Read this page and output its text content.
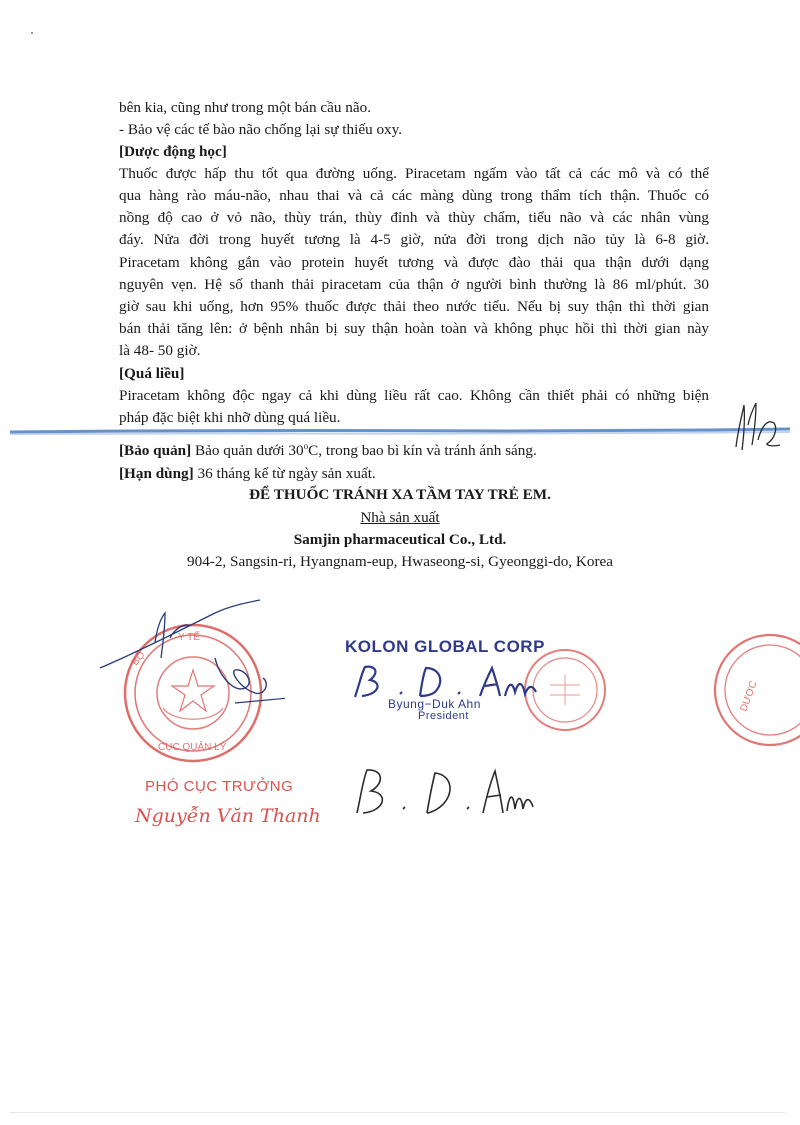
bên kia, cũng như trong một bán cầu não.
- Bảo vệ các tế bào não chống lại sự thiếu oxy.
[Dược động học]
Thuốc được hấp thu tốt qua đường uống. Piracetam ngấm vào tất cả các mô và có thể
qua hàng rào máu-não, nhau thai và cả các màng dùng trong thẩm tích thận. Thuốc có
nồng độ cao ở vỏ não, thùy trán, thùy đỉnh và thùy chẩm, tiểu não và các nhân vùng
đáy. Nửa đời trong huyết tương là 4-5 giờ, nửa đời trong dịch não tủy là 6-8 giờ.
Piracetam không gắn vào protein huyết tương và được đào thải qua thận dưới dạng
nguyên vẹn. Hệ số thanh thải piracetam của thận ở người bình thường là 86 ml/phút. 30
giờ sau khi uống, hơn 95% thuốc được thải theo nước tiểu. Nếu bị suy thận thì thời gian
bán thải tăng lên: ở bệnh nhân bị suy thận hoàn toàn và không phục hồi thì thời gian này
là 48- 50 giờ.
[Quá liều]
Piracetam không độc ngay cả khi dùng liều rất cao. Không cần thiết phải có những biện
pháp đặc biệt khi nhỡ dùng quá liều.
[Bảo quản] Bảo quản dưới 30$^o$C, trong bao bì kín và tránh ánh sáng.
[Hạn dùng] 36 tháng kể từ ngày sản xuất.
ĐỂ THUỐC TRÁNH XA TẦM TAY TRẺ EM.
Nhà sản xuất
Samjin pharmaceutical Co., Ltd.
904-2, Sangsin-ri, Hyangnam-eup, Hwaseong-si, Gyeonggi-do, Korea
BỘ
Y TẾ
CỤC QUẢN LÝ
KOLON GLOBAL CORP
Byung−Duk Ahn
President
DƯỢC
PHÓ CỤC TRƯỞNG
Nguyễn Văn Thanh
